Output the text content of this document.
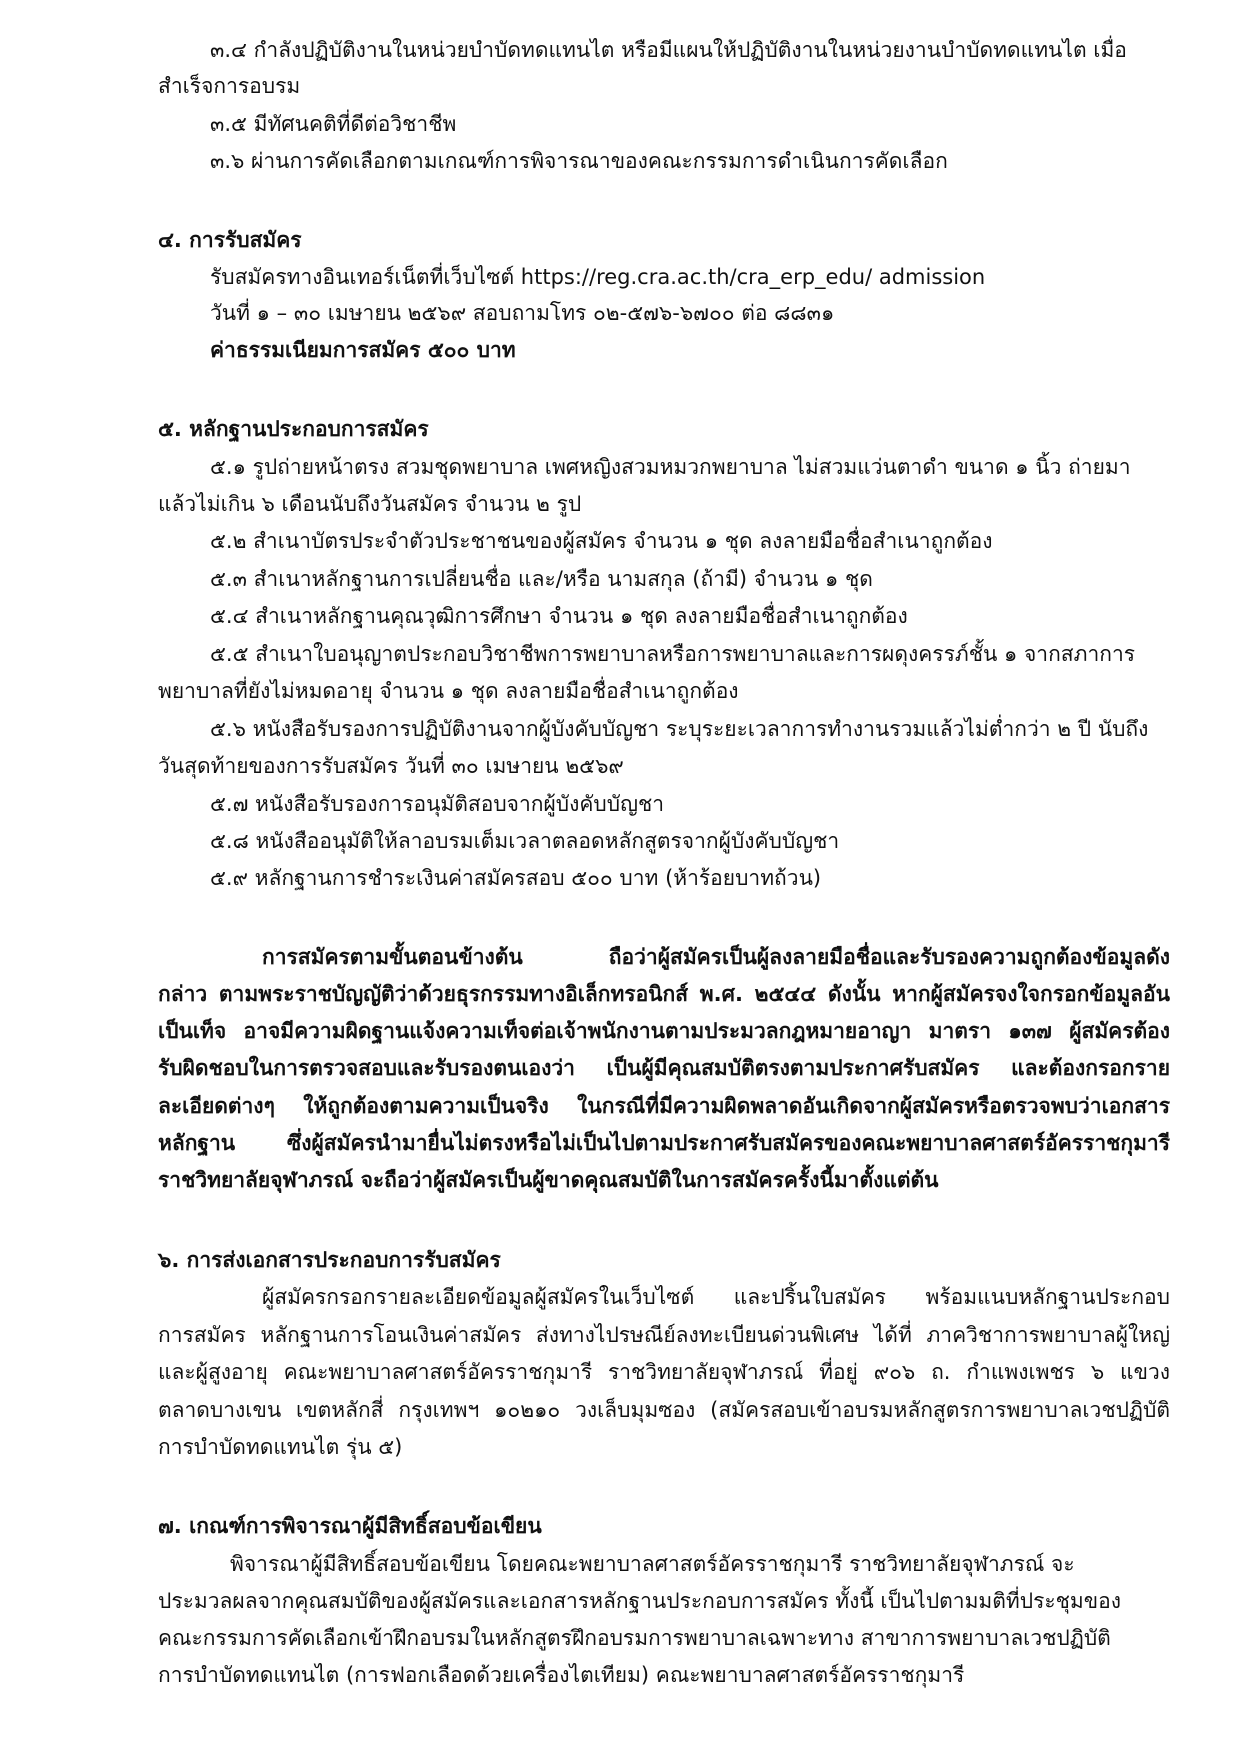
๓.๔ กำลังปฏิบัติงานในหน่วยบำบัดทดแทนไต หรือมีแผนให้ปฏิบัติงานในหน่วยงานบำบัดทดแทนไต เมื่อ
สำเร็จการอบรม
๓.๕ มีทัศนคติที่ดีต่อวิชาชีพ
๓.๖ ผ่านการคัดเลือกตามเกณฑ์การพิจารณาของคณะกรรมการดำเนินการคัดเลือก
๔. การรับสมัคร
รับสมัครทางอินเทอร์เน็ตที่เว็บไซต์ https://reg.cra.ac.th/cra_erp_edu/ admission
วันที่ ๑ – ๓๐ เมษายน ๒๕๖๙ สอบถามโทร ๐๒-๕๗๖-๖๗๐๐ ต่อ ๘๘๓๑
ค่าธรรมเนียมการสมัคร ๕๐๐ บาท
๕. หลักฐานประกอบการสมัคร
๕.๑ รูปถ่ายหน้าตรง สวมชุดพยาบาล เพศหญิงสวมหมวกพยาบาล ไม่สวมแว่นตาดำ ขนาด ๑ นิ้ว ถ่ายมา
แล้วไม่เกิน ๖ เดือนนับถึงวันสมัคร จำนวน ๒ รูป
๕.๒ สำเนาบัตรประจำตัวประชาชนของผู้สมัคร จำนวน ๑ ชุด ลงลายมือชื่อสำเนาถูกต้อง
๕.๓ สำเนาหลักฐานการเปลี่ยนชื่อ และ/หรือ นามสกุล (ถ้ามี) จำนวน ๑ ชุด
๕.๔ สำเนาหลักฐานคุณวุฒิการศึกษา จำนวน ๑ ชุด ลงลายมือชื่อสำเนาถูกต้อง
๕.๕ สำเนาใบอนุญาตประกอบวิชาชีพการพยาบาลหรือการพยาบาลและการผดุงครรภ์ชั้น ๑ จากสภาการ
พยาบาลที่ยังไม่หมดอายุ จำนวน ๑ ชุด ลงลายมือชื่อสำเนาถูกต้อง
๕.๖ หนังสือรับรองการปฏิบัติงานจากผู้บังคับบัญชา ระบุระยะเวลาการทำงานรวมแล้วไม่ต่ำกว่า ๒ ปี นับถึง
วันสุดท้ายของการรับสมัคร วันที่ ๓๐ เมษายน ๒๕๖๙
๕.๗ หนังสือรับรองการอนุมัติสอบจากผู้บังคับบัญชา
๕.๘ หนังสืออนุมัติให้ลาอบรมเต็มเวลาตลอดหลักสูตรจากผู้บังคับบัญชา
๕.๙ หลักฐานการชำระเงินค่าสมัครสอบ ๕๐๐ บาท (ห้าร้อยบาทถ้วน)
การสมัครตามขั้นตอนข้างต้น ถือว่าผู้สมัครเป็นผู้ลงลายมือชื่อและรับรองความถูกต้องข้อมูลดัง
กล่าว ตามพระราชบัญญัติว่าด้วยธุรกรรมทางอิเล็กทรอนิกส์ พ.ศ. ๒๕๔๔ ดังนั้น หากผู้สมัครจงใจกรอกข้อมูลอัน
เป็นเท็จ อาจมีความผิดฐานแจ้งความเท็จต่อเจ้าพนักงานตามประมวลกฎหมายอาญา มาตรา ๑๓๗ ผู้สมัครต้อง
รับผิดชอบในการตรวจสอบและรับรองตนเองว่า เป็นผู้มีคุณสมบัติตรงตามประกาศรับสมัคร และต้องกรอกราย
ละเอียดต่างๆ ให้ถูกต้องตามความเป็นจริง ในกรณีที่มีความผิดพลาดอันเกิดจากผู้สมัครหรือตรวจพบว่าเอกสาร
หลักฐาน ซึ่งผู้สมัครนำมายื่นไม่ตรงหรือไม่เป็นไปตามประกาศรับสมัครของคณะพยาบาลศาสตร์อัครราชกุมารี
ราชวิทยาลัยจุฬาภรณ์ จะถือว่าผู้สมัครเป็นผู้ขาดคุณสมบัติในการสมัครครั้งนี้มาตั้งแต่ต้น
๖. การส่งเอกสารประกอบการรับสมัคร
ผู้สมัครกรอกรายละเอียดข้อมูลผู้สมัครในเว็บไซต์ และปริ้นใบสมัคร พร้อมแนบหลักฐานประกอบ
การสมัคร หลักฐานการโอนเงินค่าสมัคร ส่งทางไปรษณีย์ลงทะเบียนด่วนพิเศษ ได้ที่ ภาควิชาการพยาบาลผู้ใหญ่
และผู้สูงอายุ คณะพยาบาลศาสตร์อัครราชกุมารี ราชวิทยาลัยจุฬาภรณ์ ที่อยู่ ๙๐๖ ถ. กำแพงเพชร ๖ แขวง
ตลาดบางเขน เขตหลักสี่ กรุงเทพฯ ๑๐๒๑๐ วงเล็บมุมซอง (สมัครสอบเข้าอบรมหลักสูตรการพยาบาลเวชปฏิบัติ
การบำบัดทดแทนไต รุ่น ๕)
๗. เกณฑ์การพิจารณาผู้มีสิทธิ์สอบข้อเขียน
พิจารณาผู้มีสิทธิ์สอบข้อเขียน โดยคณะพยาบาลศาสตร์อัครราชกุมารี ราชวิทยาลัยจุฬาภรณ์ จะ
ประมวลผลจากคุณสมบัติของผู้สมัครและเอกสารหลักฐานประกอบการสมัคร ทั้งนี้ เป็นไปตามมติที่ประชุมของ
คณะกรรมการคัดเลือกเข้าฝึกอบรมในหลักสูตรฝึกอบรมการพยาบาลเฉพาะทาง สาขาการพยาบาลเวชปฏิบัติ
การบำบัดทดแทนไต (การฟอกเลือดด้วยเครื่องไตเทียม) คณะพยาบาลศาสตร์อัครราชกุมารี
